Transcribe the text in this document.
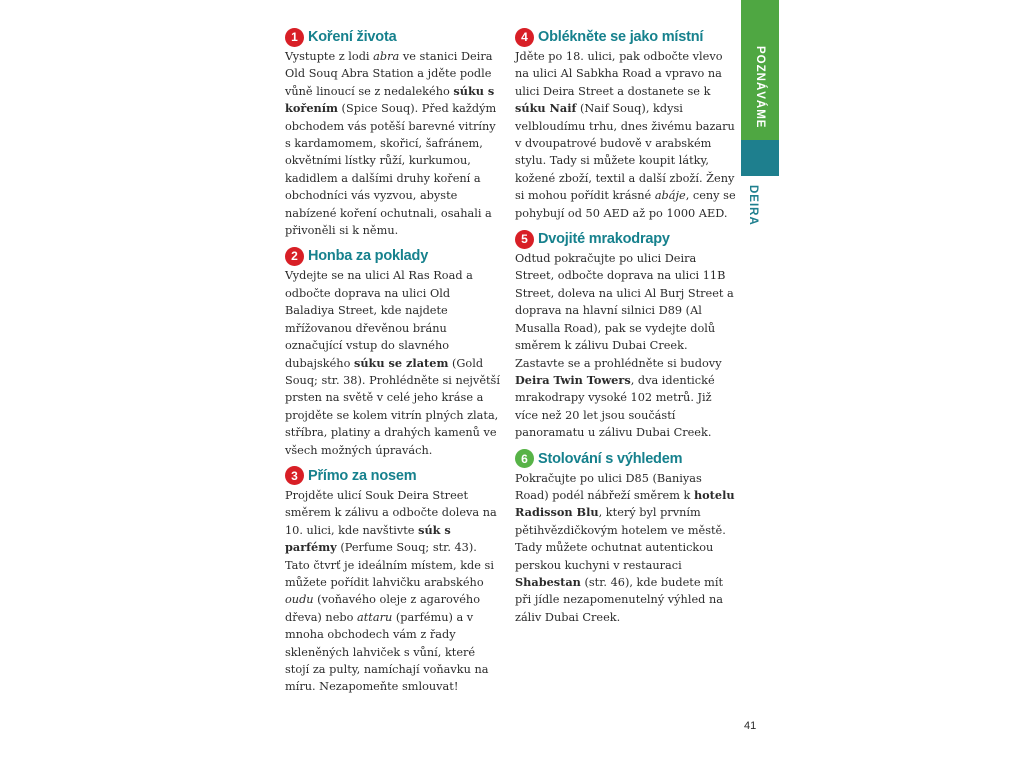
1 Koření života
Vystupte z lodi abra ve stanici Deira Old Souq Abra Station a jděte podle vůně linoucí se z nedalekého súku s kořením (Spice Souq). Před každým obchodem vás potěší barevné vitríny s kardamomem, skořicí, šafránem, okvětními lístky růží, kurkumou, kadidlem a dalšími druhy koření a obchodníci vás vyzvou, abyste nabízené koření ochutnali, osahali a přivoněli si k němu.
2 Honba za poklady
Vydejte se na ulici Al Ras Road a odbočte doprava na ulici Old Baladiya Street, kde najdete mřížovanou dřevěnou bránu označující vstup do slavného dubajského súku se zlatem (Gold Souq; str. 38). Prohlédněte si největší prsten na světě v celé jeho kráse a projděte se kolem vitrín plných zlata, stříbra, platiny a drahých kamenů ve všech možných úpravách.
3 Přímo za nosem
Projděte ulicí Souk Deira Street směrem k zálivu a odbočte doleva na 10. ulici, kde navštivte súk s parfémy (Perfume Souq; str. 43). Tato čtvrť je ideálním místem, kde si můžete pořídit lahvičku arabského oudu (voňavého oleje z agarového dřeva) nebo attaru (parfému) a v mnoha obchodech vám z řady skleněných lahviček s vůní, které stojí za pulty, namíchají voňavku na míru. Nezapomeňte smlouvat!
4 Oblékněte se jako místní
Jděte po 18. ulici, pak odbočte vlevo na ulici Al Sabkha Road a vpravo na ulici Deira Street a dostanete se k súku Naif (Naif Souq), kdysi velbloudímu trhu, dnes živému bazaru v dvoupatrové budově v arabském stylu. Tady si můžete koupit látky, kožené zboží, textil a další zboží. Ženy si mohou pořídit krásné abáje, ceny se pohybují od 50 AED až po 1000 AED.
5 Dvojité mrakodrapy
Odtud pokračujte po ulici Deira Street, odbočte doprava na ulici 11B Street, doleva na ulici Al Burj Street a doprava na hlavní silnici D89 (Al Musalla Road), pak se vydejte dolů směrem k zálivu Dubai Creek. Zastavte se a prohlédněte si budovy Deira Twin Towers, dva identické mrakodrapy vysoké 102 metrů. Již více než 20 let jsou součástí panoramatu u zálivu Dubai Creek.
6 Stolování s výhledem
Pokračujte po ulici D85 (Baniyas Road) podél nábřeží směrem k hotelu Radisson Blu, který byl prvním pětihvězdičkovým hotelem ve městě. Tady můžete ochutnat autentickou perskou kuchyni v restauraci Shabestan (str. 46), kde budete mít při jídle nezapomenutelný výhled na záliv Dubai Creek.
POZNÁVÁME
DEIRA
41
